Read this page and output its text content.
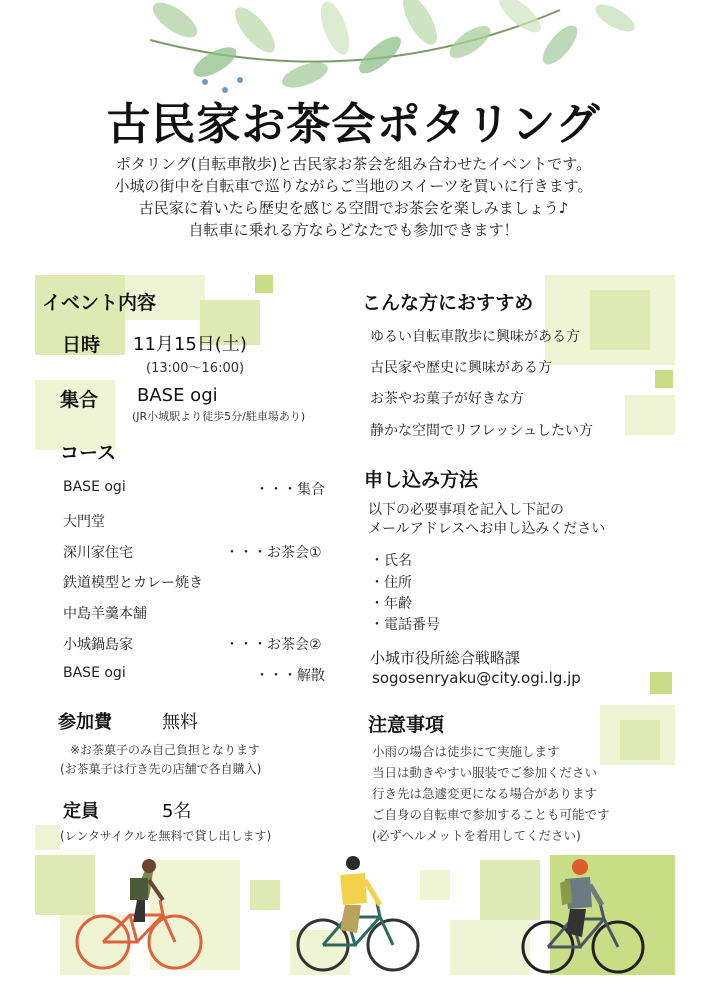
古民家お茶会ポタリング
ポタリング(自転車散歩)と古民家お茶会を組み合わせたイベントです。
小城の街中を自転車で巡りながらご当地のスイーツを買いに行きます。
古民家に着いたら歴史を感じる空間でお茶会を楽しみましょう♪
自転車に乗れる方ならどなたでも参加できます！
イベント内容
日時 11月15日(土)
(13:00〜16:00)
集合 BASE ogi
(JR小城駅より徒歩5分/駐車場あり)
コース
BASE ogi	・・・集合
大門堂
深川家住宅	・・・お茶会①
鉄道模型とカレー焼き
中島羊羹本舗
小城鍋島家	・・・お茶会②
BASE ogi	・・・解散
参加費	無料
※お茶菓子のみ自己負担となります
(お茶菓子は行き先の店舗で各自購入)
定員	5名
(レンタサイクルを無料で貸し出します)
こんな方におすすめ
ゆるい自転車散歩に興味がある方
古民家や歴史に興味がある方
お茶やお菓子が好きな方
静かな空間でリフレッシュしたい方
申し込み方法
以下の必要事項を記入し下記の
メールアドレスへお申し込みください
・氏名
・住所
・年齢
・電話番号
小城市役所総合戦略課
sogosenryaku@city.ogi.lg.jp
注意事項
小雨の場合は徒歩にて実施します
当日は動きやすい服装でご参加ください
行き先は急遽変更になる場合があります
ご自身の自転車で参加することも可能です
(必ずヘルメットを着用してください)
